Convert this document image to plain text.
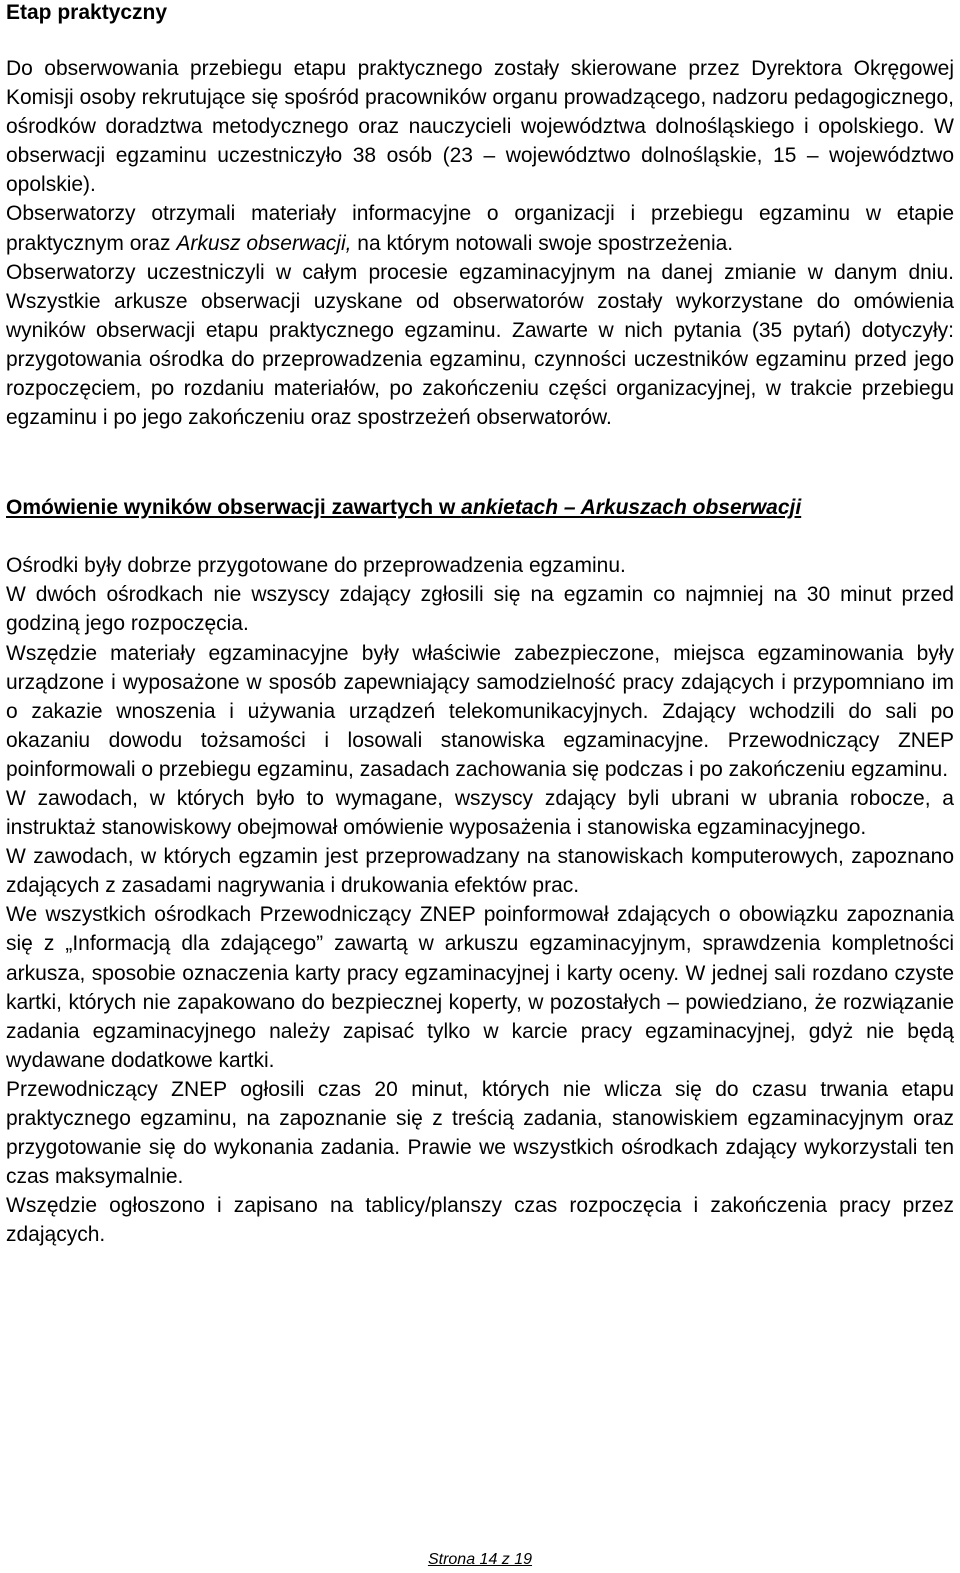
Etap praktyczny

Do obserwowania przebiegu etapu praktycznego zostały skierowane przez Dyrektora Okręgowej Komisji osoby rekrutujące się spośród pracowników organu prowadzącego, nadzoru pedagogicznego, ośrodków doradztwa metodycznego oraz nauczycieli województwa dolnośląskiego i opolskiego. W obserwacji egzaminu uczestniczyło 38 osób (23 – województwo dolnośląskie, 15 – województwo opolskie).

Obserwatorzy otrzymali materiały informacyjne o organizacji i przebiegu egzaminu w etapie praktycznym oraz Arkusz obserwacji, na którym notowali swoje spostrzeżenia.

Obserwatorzy uczestniczyli w całym procesie egzaminacyjnym na danej zmianie w danym dniu. Wszystkie arkusze obserwacji uzyskane od obserwatorów zostały wykorzystane do omówienia wyników obserwacji etapu praktycznego egzaminu. Zawarte w nich pytania (35 pytań) dotyczyły: przygotowania ośrodka do przeprowadzenia egzaminu, czynności uczestników egzaminu przed jego rozpoczęciem, po rozdaniu materiałów, po zakończeniu części organizacyjnej, w trakcie przebiegu egzaminu i po jego zakończeniu oraz spostrzeżeń obserwatorów.

Omówienie wyników obserwacji zawartych w ankietach – Arkuszach obserwacji

Ośrodki były dobrze przygotowane do przeprowadzenia egzaminu.

W dwóch ośrodkach nie wszyscy zdający zgłosili się na egzamin co najmniej na 30 minut przed godziną jego rozpoczęcia.

Wszędzie materiały egzaminacyjne były właściwie zabezpieczone, miejsca egzaminowania były urządzone i wyposażone w sposób zapewniający samodzielność pracy zdających i przypomniano im o zakazie wnoszenia i używania urządzeń telekomunikacyjnych. Zdający wchodzili do sali po okazaniu dowodu tożsamości i losowali stanowiska egzaminacyjne. Przewodniczący ZNEP poinformowali o przebiegu egzaminu, zasadach zachowania się podczas i po zakończeniu egzaminu.

W zawodach, w których było to wymagane, wszyscy zdający byli ubrani w ubrania robocze, a instruktaż stanowiskowy obejmował omówienie wyposażenia i stanowiska egzaminacyjnego.

W zawodach, w których egzamin jest przeprowadzany na stanowiskach komputerowych, zapoznano zdających z zasadami nagrywania i drukowania efektów prac.

We wszystkich ośrodkach Przewodniczący ZNEP poinformował zdających o obowiązku zapoznania się z „Informacją dla zdającego” zawartą w arkuszu egzaminacyjnym, sprawdzenia kompletności arkusza, sposobie oznaczenia karty pracy egzaminacyjnej i karty oceny. W jednej sali rozdano czyste kartki, których nie zapakowano do bezpiecznej koperty, w pozostałych – powiedziano, że rozwiązanie zadania egzaminacyjnego należy zapisać tylko w karcie pracy egzaminacyjnej, gdyż nie będą wydawane dodatkowe kartki.

Przewodniczący ZNEP ogłosili czas 20 minut, których nie wlicza się do czasu trwania etapu praktycznego egzaminu, na zapoznanie się z treścią zadania, stanowiskiem egzaminacyjnym oraz przygotowanie się do wykonania zadania. Prawie we wszystkich ośrodkach zdający wykorzystali ten czas maksymalnie.

Wszędzie ogłoszono i zapisano na tablicy/planszy czas rozpoczęcia i zakończenia pracy przez zdających.

Strona 14 z 19
